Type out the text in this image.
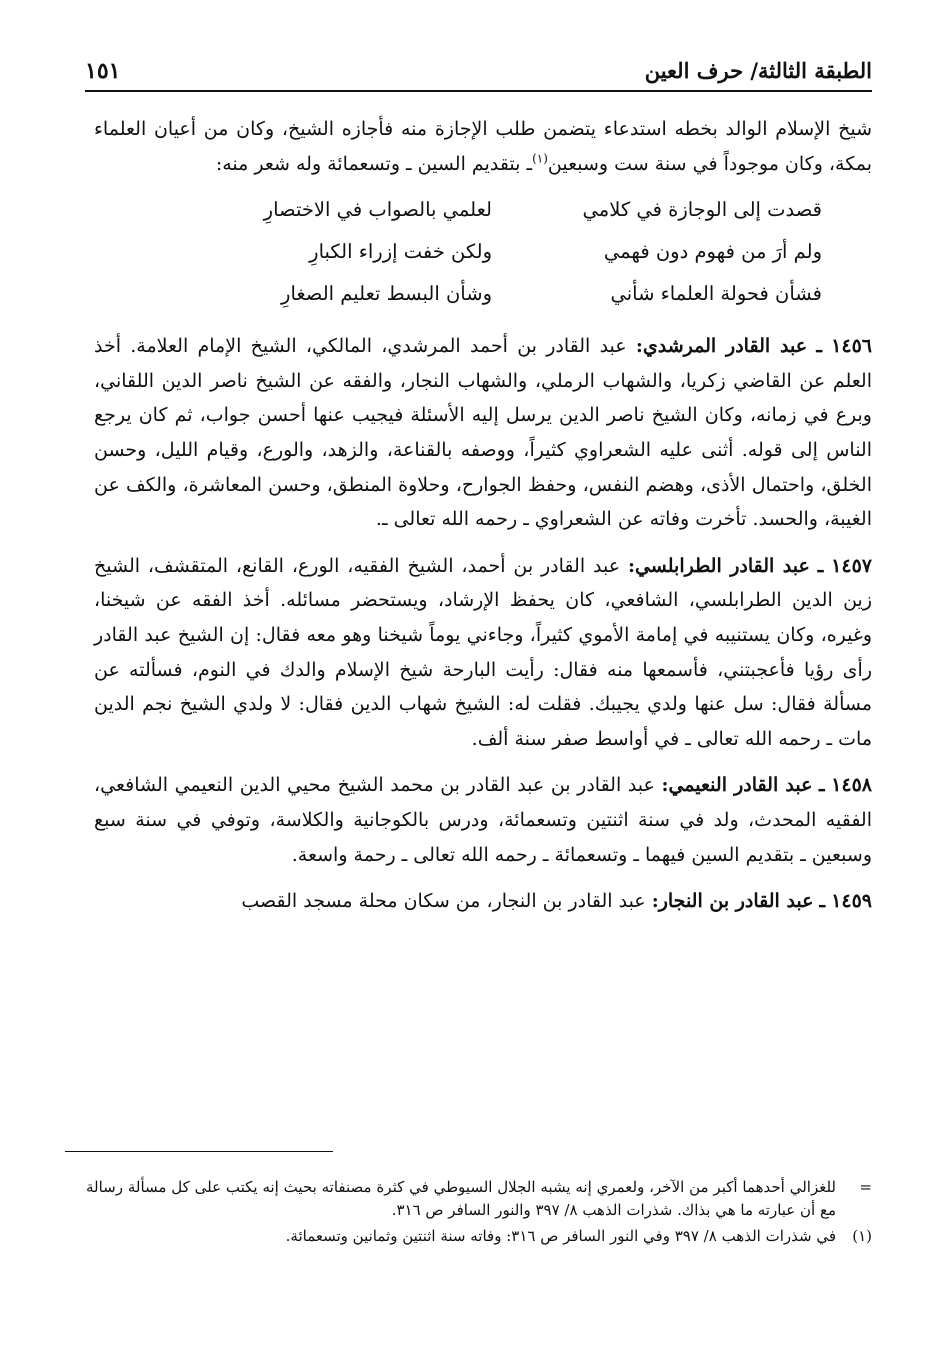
الطبقة الثالثة/ حرف العين
١٥١

شيخ الإسلام الوالد بخطه استدعاء يتضمن طلب الإجازة منه فأجازه الشيخ، وكان من أعيان العلماء بمكة، وكان موجوداً في سنة ست وسبعين$^{(١)}$ـ بتقديم السين ـ وتسعمائة وله شعر منه:

قصدت إلى الوجازة في كلامي
لعلمي بالصواب في الاختصارِ
ولم أرَ من فهوم دون فهمي
ولكن خفت إزراء الكبارِ
فشأن فحولة العلماء شأني
وشأن البسط تعليم الصغارِ

١٤٥٦ ـ عبد القادر المرشدي: عبد القادر بن أحمد المرشدي، المالكي، الشيخ الإمام العلامة. أخذ العلم عن القاضي زكريا، والشهاب الرملي، والشهاب النجار، والفقه عن الشيخ ناصر الدين اللقاني، وبرع في زمانه، وكان الشيخ ناصر الدين يرسل إليه الأسئلة فيجيب عنها أحسن جواب، ثم كان يرجع الناس إلى قوله. أثنى عليه الشعراوي كثيراً، ووصفه بالقناعة، والزهد، والورع، وقيام الليل، وحسن الخلق، واحتمال الأذى، وهضم النفس، وحفظ الجوارح، وحلاوة المنطق، وحسن المعاشرة، والكف عن الغيبة، والحسد. تأخرت وفاته عن الشعراوي ـ رحمه الله تعالى ـ.

١٤٥٧ ـ عبد القادر الطرابلسي: عبد القادر بن أحمد، الشيخ الفقيه، الورع، القانع، المتقشف، الشيخ زين الدين الطرابلسي، الشافعي، كان يحفظ الإرشاد، ويستحضر مسائله. أخذ الفقه عن شيخنا، وغيره، وكان يستنيبه في إمامة الأموي كثيراً، وجاءني يوماً شيخنا وهو معه فقال: إن الشيخ عبد القادر رأى رؤيا فأعجبتني، فأسمعها منه فقال: رأيت البارحة شيخ الإسلام والدك في النوم، فسألته عن مسألة فقال: سل عنها ولدي يجيبك. فقلت له: الشيخ شهاب الدين فقال: لا ولدي الشيخ نجم الدين مات ـ رحمه الله تعالى ـ في أواسط صفر سنة ألف.

١٤٥٨ ـ عبد القادر النعيمي: عبد القادر بن عبد القادر بن محمد الشيخ محيي الدين النعيمي الشافعي، الفقيه المحدث، ولد في سنة اثنتين وتسعمائة، ودرس بالكوجانية والكلاسة، وتوفي في سنة سبع وسبعين ـ بتقديم السين فيهما ـ وتسعمائة ـ رحمه الله تعالى ـ رحمة واسعة.

١٤٥٩ ـ عبد القادر بن النجار: عبد القادر بن النجار، من سكان محلة مسجد القصب

=
للغزالي أحدهما أكبر من الآخر، ولعمري إنه يشبه الجلال السيوطي في كثرة مصنفاته بحيث إنه يكتب على كل مسألة رسالة مع أن عبارته ما هي بذاك. شذرات الذهب ٨/ ٣٩٧ والنور السافر ص ٣١٦.
(١)
في شذرات الذهب ٨/ ٣٩٧ وفي النور السافر ص ٣١٦: وفاته سنة اثنتين وثمانين وتسعمائة.
